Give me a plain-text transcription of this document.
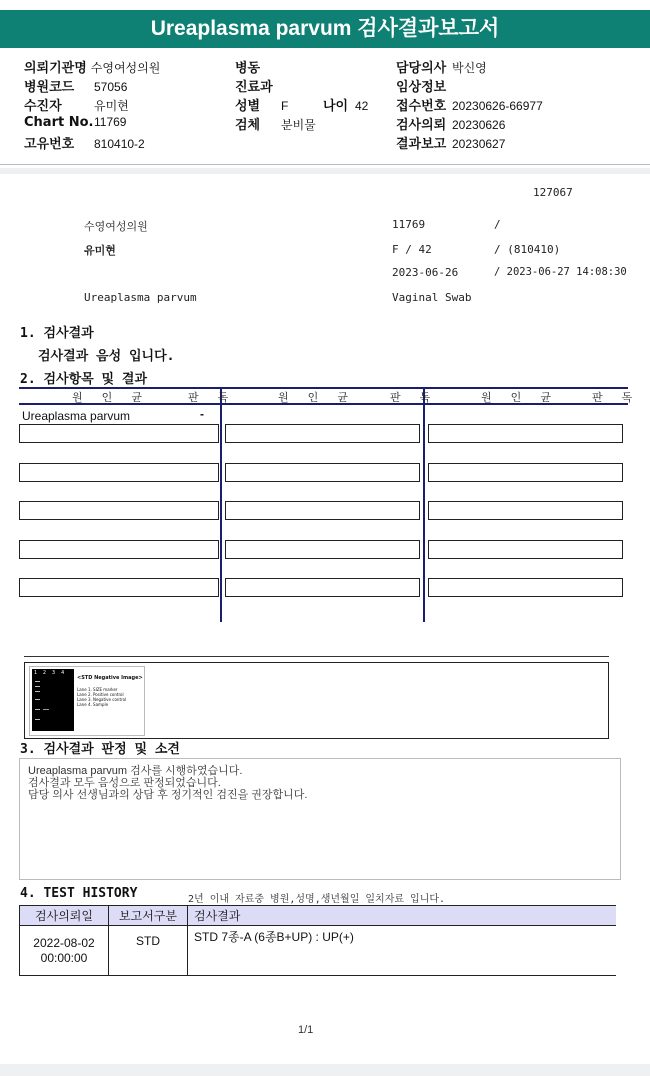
Ureaplasma parvum 검사결과보고서
의뢰기관명 수영여성의원
병원코드 57056
수진자	유미현
Chart No.11769
고유번호 810410-2
병동
진료과
성별 F	나이 42
검체 분비물
담당의사 박신영
임상정보
접수번호 20230626-66977
검사의뢰 20230626
결과보고 20230627
127067
수영여성의원	11769	/
유미현	F / 42	/ (810410)
2023-06-26	/ 2023-06-27 14:08:30
Ureaplasma parvum	Vaginal Swab
1. 검사결과
검사결과 음성 입니다.
2. 검사항목 및 결과
원 인 균	판 독	원 인 균	판 독	원 인 균	판 독
Ureaplasma parvum	-
1  2  3  4
<STD Negative Image>
Lane 1. SIZE marker
Lane 2. Positive control
Lane 3. Negative control
Lane 4. Sample
3. 검사결과 판정 및 소견
Ureaplasma parvum 검사를 시행하였습니다.
검사결과 모두 음성으로 판정되었습니다.
담당 의사 선생님과의 상담 후 정기적인 검진을 권장합니다.
4. TEST HISTORY	2년 이내 자료중 병원,성명,생년월일 일치자료 입니다.
검사의뢰일	보고서구분	검사결과

2022-08-02
00:00:00	STD	STD 7종-A (6종B+UP) : UP(+)
1/1
